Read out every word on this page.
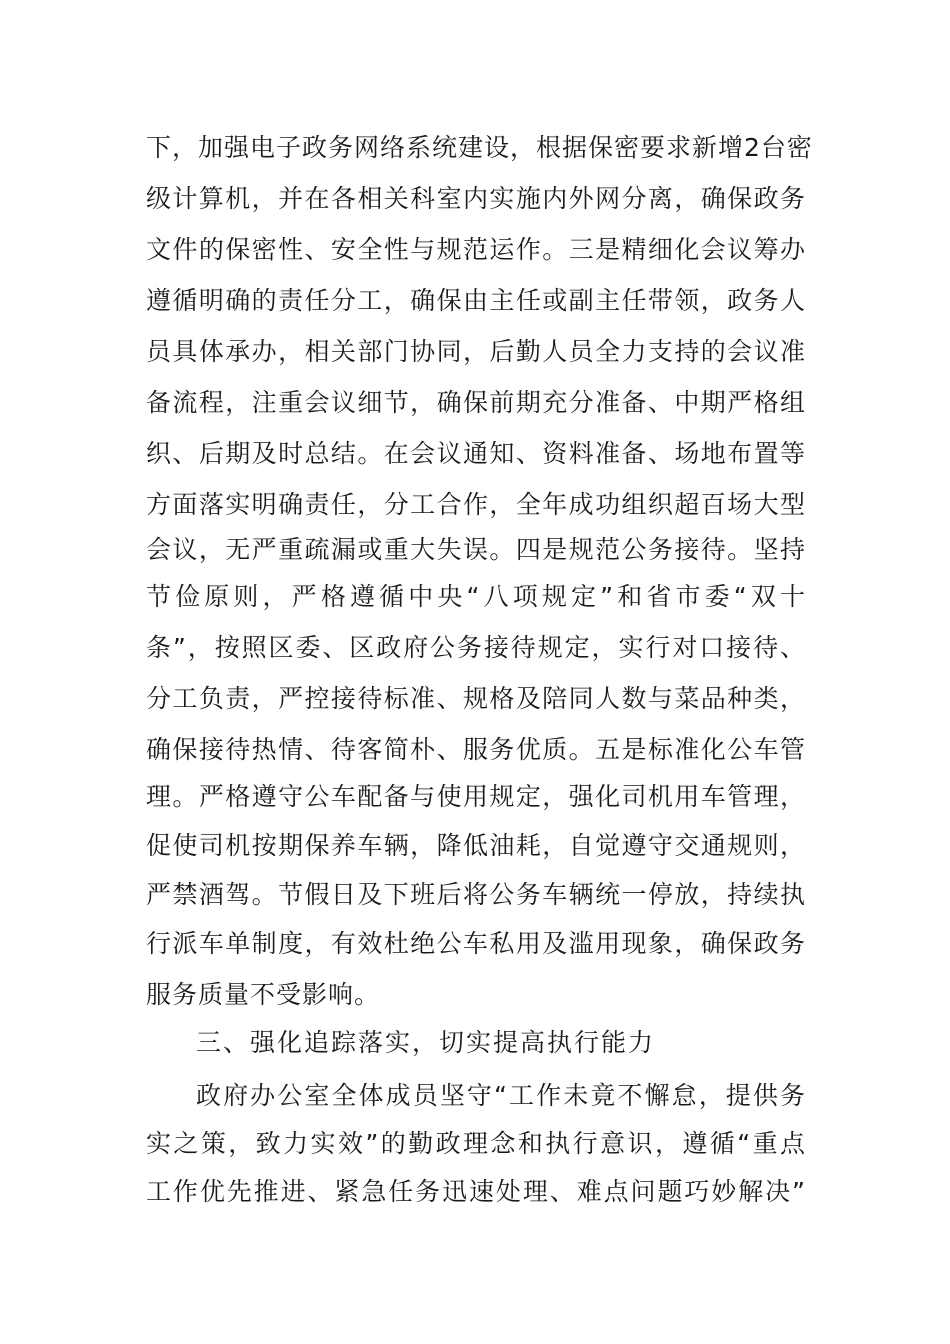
下，加强电子政务网络系统建设，根据保密要求新增2台密

级计算机，并在各相关科室内实施内外网分离，确保政务

文件的保密性、安全性与规范运作。三是精细化会议筹办

遵循明确的责任分工，确保由主任或副主任带领，政务人

员具体承办，相关部门协同，后勤人员全力支持的会议准

备流程，注重会议细节，确保前期充分准备、中期严格组

织、后期及时总结。在会议通知、资料准备、场地布置等

方面落实明确责任，分工合作，全年成功组织超百场大型

会议，无严重疏漏或重大失误。四是规范公务接待。坚持

节俭原则，严格遵循中央“八项规定”和省市委“双十

条”，按照区委、区政府公务接待规定，实行对口接待、

分工负责，严控接待标准、规格及陪同人数与菜品种类，

确保接待热情、待客简朴、服务优质。五是标准化公车管

理。严格遵守公车配备与使用规定，强化司机用车管理，

促使司机按期保养车辆，降低油耗，自觉遵守交通规则，

严禁酒驾。节假日及下班后将公务车辆统一停放，持续执

行派车单制度，有效杜绝公车私用及滥用现象，确保政务

服务质量不受影响。

三、强化追踪落实，切实提高执行能力

政府办公室全体成员坚守“工作未竟不懈怠，提供务

实之策，致力实效”的勤政理念和执行意识，遵循“重点

工作优先推进、紧急任务迅速处理、难点问题巧妙解决”
